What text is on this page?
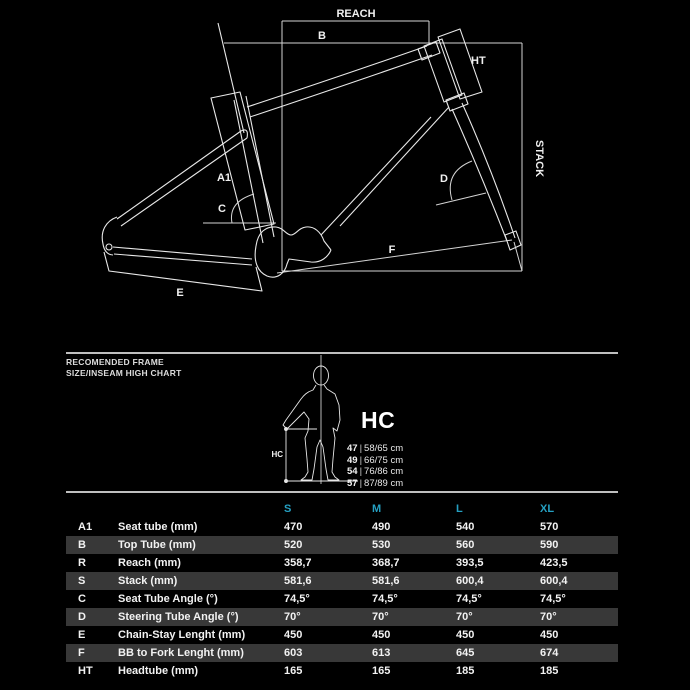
REACH
B
HT
STACK
A1
C
D
E
F
RECOMENDED FRAME
SIZE/INSEAM HIGH CHART
HC
HC
47 | 58/65 cm
49 | 66/75 cm
54 | 76/86 cm
57 | 87/89 cm
S	M	L	XL
A1 Seat tube (mm)	470	490	540	570
B	Top Tube (mm)	520	530	560	590
R	Reach (mm)	358,7	368,7	393,5	423,5
S	Stack (mm)	581,6	581,6	600,4	600,4
C	Seat Tube Angle (°)	74,5°	74,5°	74,5°	74,5°
D	Steering Tube Angle (°)	70°	70°	70°	70°
E	Chain-Stay Lenght (mm)	450	450	450	450
F	BB to Fork Lenght (mm)	603	613	645	674
HT Headtube (mm)	165	165	185	185
